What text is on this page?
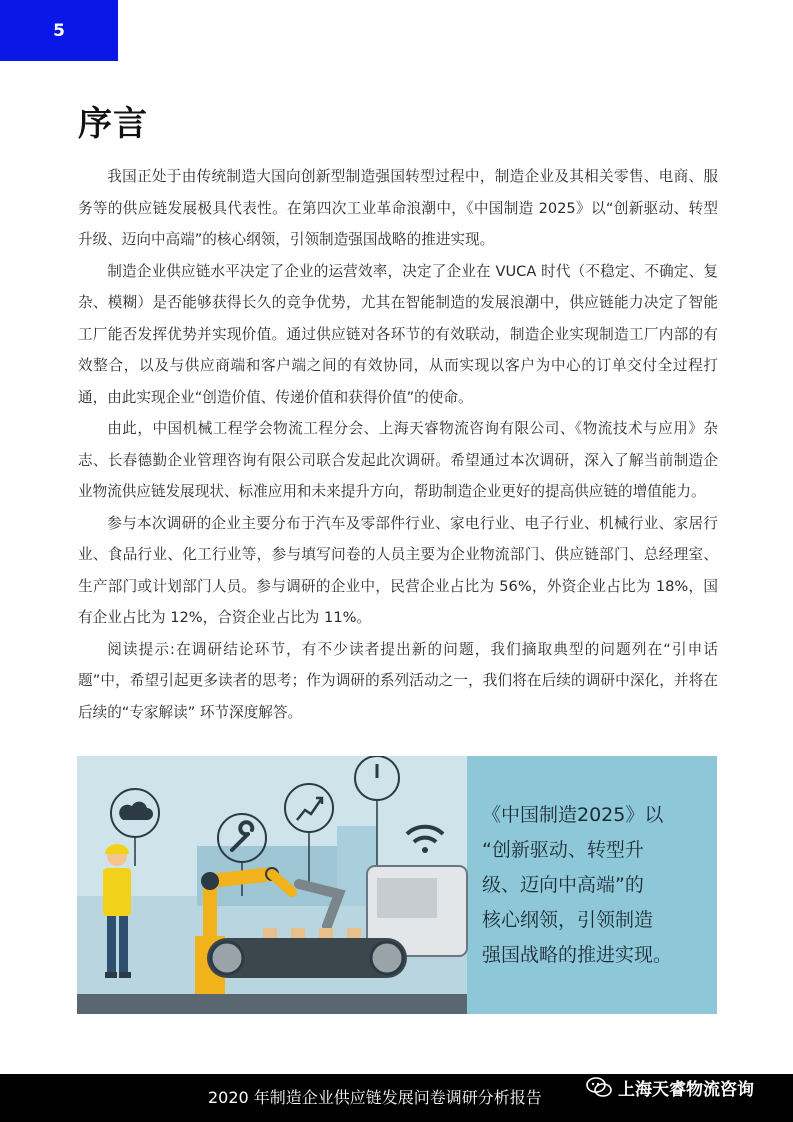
5
序言

我国正处于由传统制造大国向创新型制造强国转型过程中，制造企业及其相关零售、电商、服务等的供应链发展极具代表性。在第四次工业革命浪潮中，《中国制造 2025》以“创新驱动、转型升级、迈向中高端”的核心纲领，引领制造强国战略的推进实现。

制造企业供应链水平决定了企业的运营效率，决定了企业在 VUCA 时代（不稳定、不确定、复杂、模糊）是否能够获得长久的竞争优势，尤其在智能制造的发展浪潮中，供应链能力决定了智能工厂能否发挥优势并实现价值。通过供应链对各环节的有效联动，制造企业实现制造工厂内部的有效整合，以及与供应商端和客户端之间的有效协同，从而实现以客户为中心的订单交付全过程打通，由此实现企业“创造价值、传递价值和获得价值”的使命。

由此，中国机械工程学会物流工程分会、上海天睿物流咨询有限公司、《物流技术与应用》杂志、长春德勤企业管理咨询有限公司联合发起此次调研。希望通过本次调研，深入了解当前制造企业物流供应链发展现状、标准应用和未来提升方向，帮助制造企业更好的提高供应链的增值能力。

参与本次调研的企业主要分布于汽车及零部件行业、家电行业、电子行业、机械行业、家居行业、食品行业、化工行业等，参与填写问卷的人员主要为企业物流部门、供应链部门、总经理室、生产部门或计划部门人员。参与调研的企业中，民营企业占比为 56%，外资企业占比为 18%，国有企业占比为 12%，合资企业占比为 11%。

阅读提示:在调研结论环节，有不少读者提出新的问题，我们摘取典型的问题列在“引申话题”中，希望引起更多读者的思考；作为调研的系列活动之一，我们将在后续的调研中深化，并将在后续的“专家解读” 环节深度解答。

《中国制造2025》以
“创新驱动、转型升
级、迈向中高端”的
核心纲领，引领制造
强国战略的推进实现。
2020 年制造企业供应链发展问卷调研分析报告	上海天睿物流咨询
